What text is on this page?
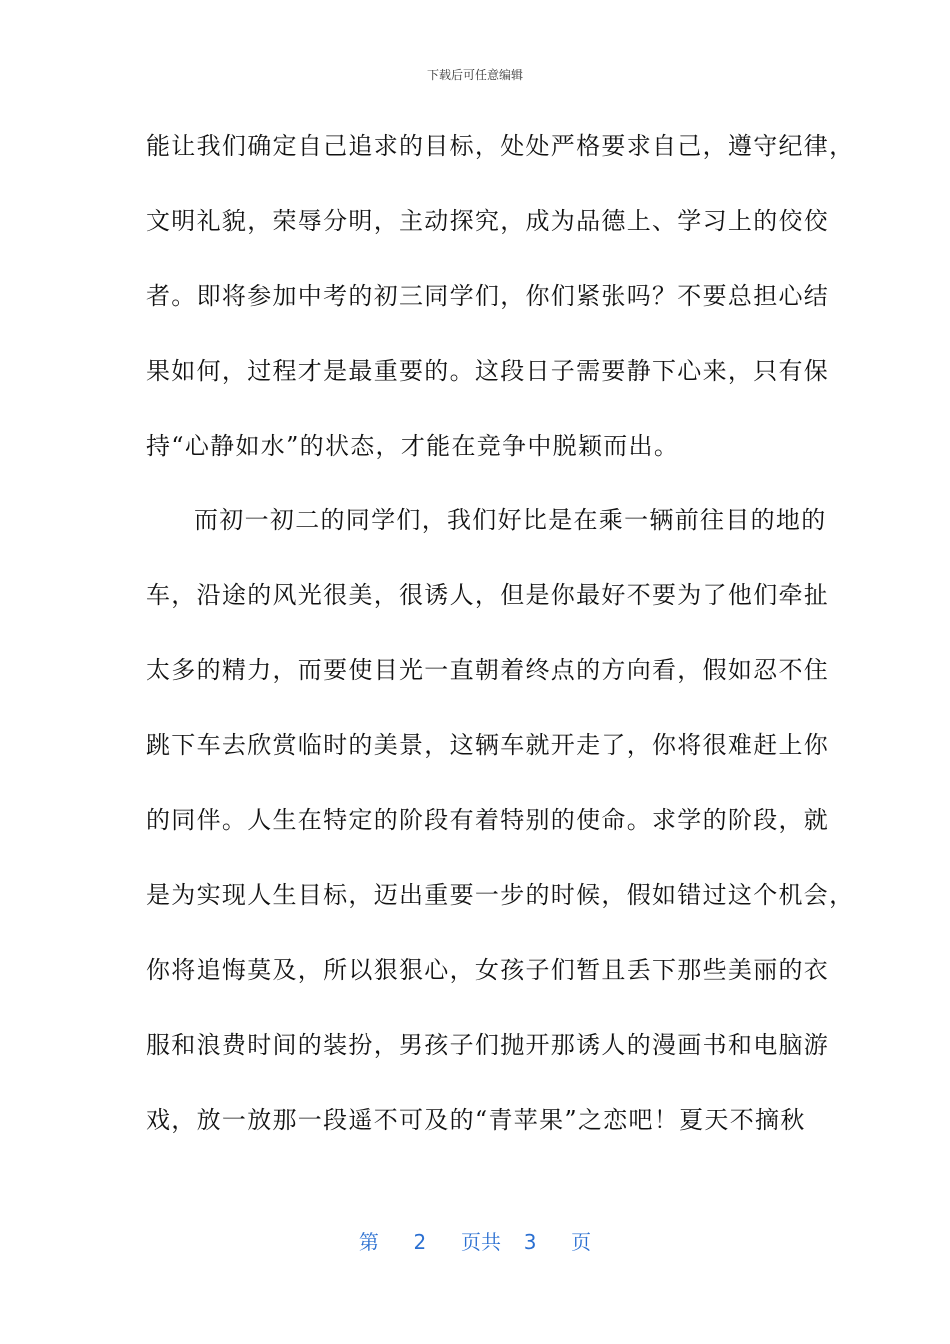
下载后可任意编辑
能让我们确定自己追求的目标，处处严格要求自己，遵守纪律，
文明礼貌，荣辱分明，主动探究，成为品德上、学习上的佼佼
者。即将参加中考的初三同学们，你们紧张吗？不要总担心结
果如何，过程才是最重要的。这段日子需要静下心来，只有保
持“心静如水”的状态，才能在竞争中脱颖而出。
而初一初二的同学们，我们好比是在乘一辆前往目的地的
车，沿途的风光很美，很诱人，但是你最好不要为了他们牵扯
太多的精力，而要使目光一直朝着终点的方向看，假如忍不住
跳下车去欣赏临时的美景，这辆车就开走了，你将很难赶上你
的同伴。人生在特定的阶段有着特别的使命。求学的阶段，就
是为实现人生目标，迈出重要一步的时候，假如错过这个机会，
你将追悔莫及，所以狠狠心，女孩子们暂且丢下那些美丽的衣
服和浪费时间的装扮，男孩子们抛开那诱人的漫画书和电脑游
戏，放一放那一段遥不可及的“青苹果”之恋吧！夏天不摘秋
第 2 页共 3 页
